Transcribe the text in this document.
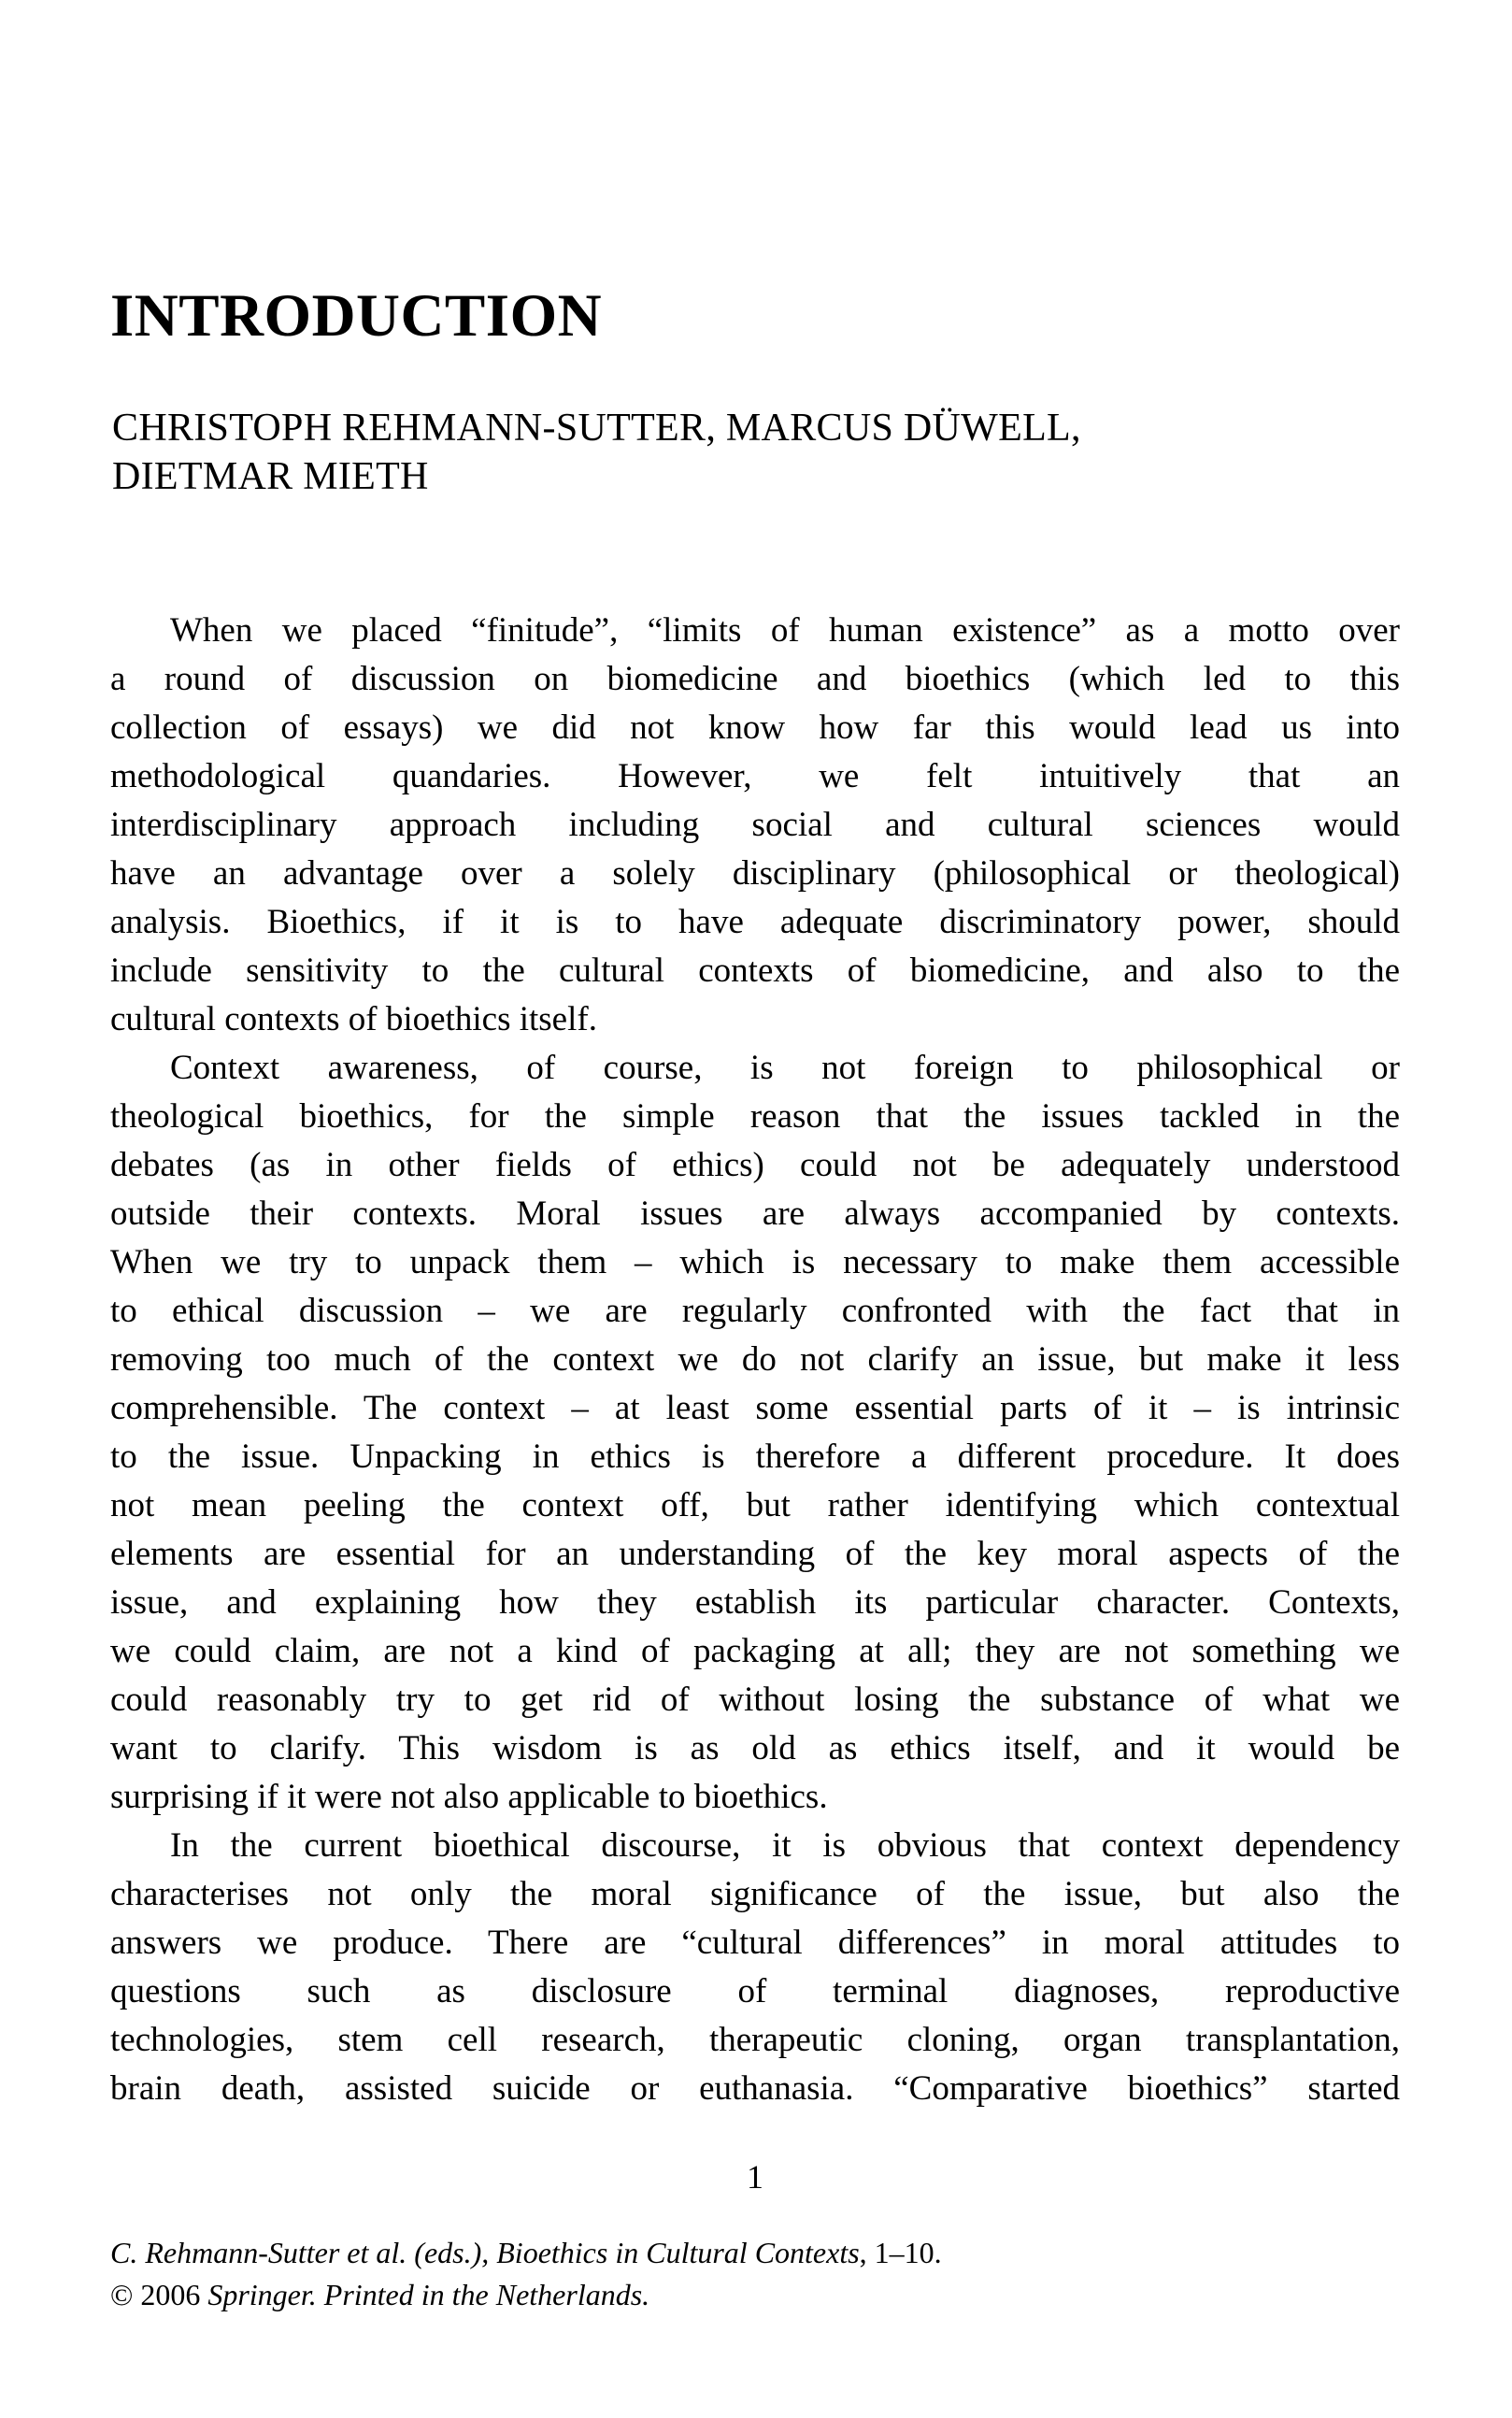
INTRODUCTION
CHRISTOPH REHMANN-SUTTER, MARCUS DÜWELL,
DIETMAR MIETH
When we placed “finitude”, “limits of human existence” as a motto over
a round of discussion on biomedicine and bioethics (which led to this
collection of essays) we did not know how far this would lead us into
methodological quandaries. However, we felt intuitively that an
interdisciplinary approach including social and cultural sciences would
have an advantage over a solely disciplinary (philosophical or theological)
analysis. Bioethics, if it is to have adequate discriminatory power, should
include sensitivity to the cultural contexts of biomedicine, and also to the
cultural contexts of bioethics itself.
Context awareness, of course, is not foreign to philosophical or
theological bioethics, for the simple reason that the issues tackled in the
debates (as in other fields of ethics) could not be adequately understood
outside their contexts. Moral issues are always accompanied by contexts.
When we try to unpack them – which is necessary to make them accessible
to ethical discussion – we are regularly confronted with the fact that in
removing too much of the context we do not clarify an issue, but make it less
comprehensible. The context – at least some essential parts of it – is intrinsic
to the issue. Unpacking in ethics is therefore a different procedure. It does
not mean peeling the context off, but rather identifying which contextual
elements are essential for an understanding of the key moral aspects of the
issue, and explaining how they establish its particular character. Contexts,
we could claim, are not a kind of packaging at all; they are not something we
could reasonably try to get rid of without losing the substance of what we
want to clarify. This wisdom is as old as ethics itself, and it would be
surprising if it were not also applicable to bioethics.
In the current bioethical discourse, it is obvious that context dependency
characterises not only the moral significance of the issue, but also the
answers we produce. There are “cultural differences” in moral attitudes to
questions such as disclosure of terminal diagnoses, reproductive
technologies, stem cell research, therapeutic cloning, organ transplantation,
brain death, assisted suicide or euthanasia. “Comparative bioethics” started
1
C. Rehmann-Sutter et al. (eds.), Bioethics in Cultural Contexts, 1–10.
© 2006 Springer. Printed in the Netherlands.
